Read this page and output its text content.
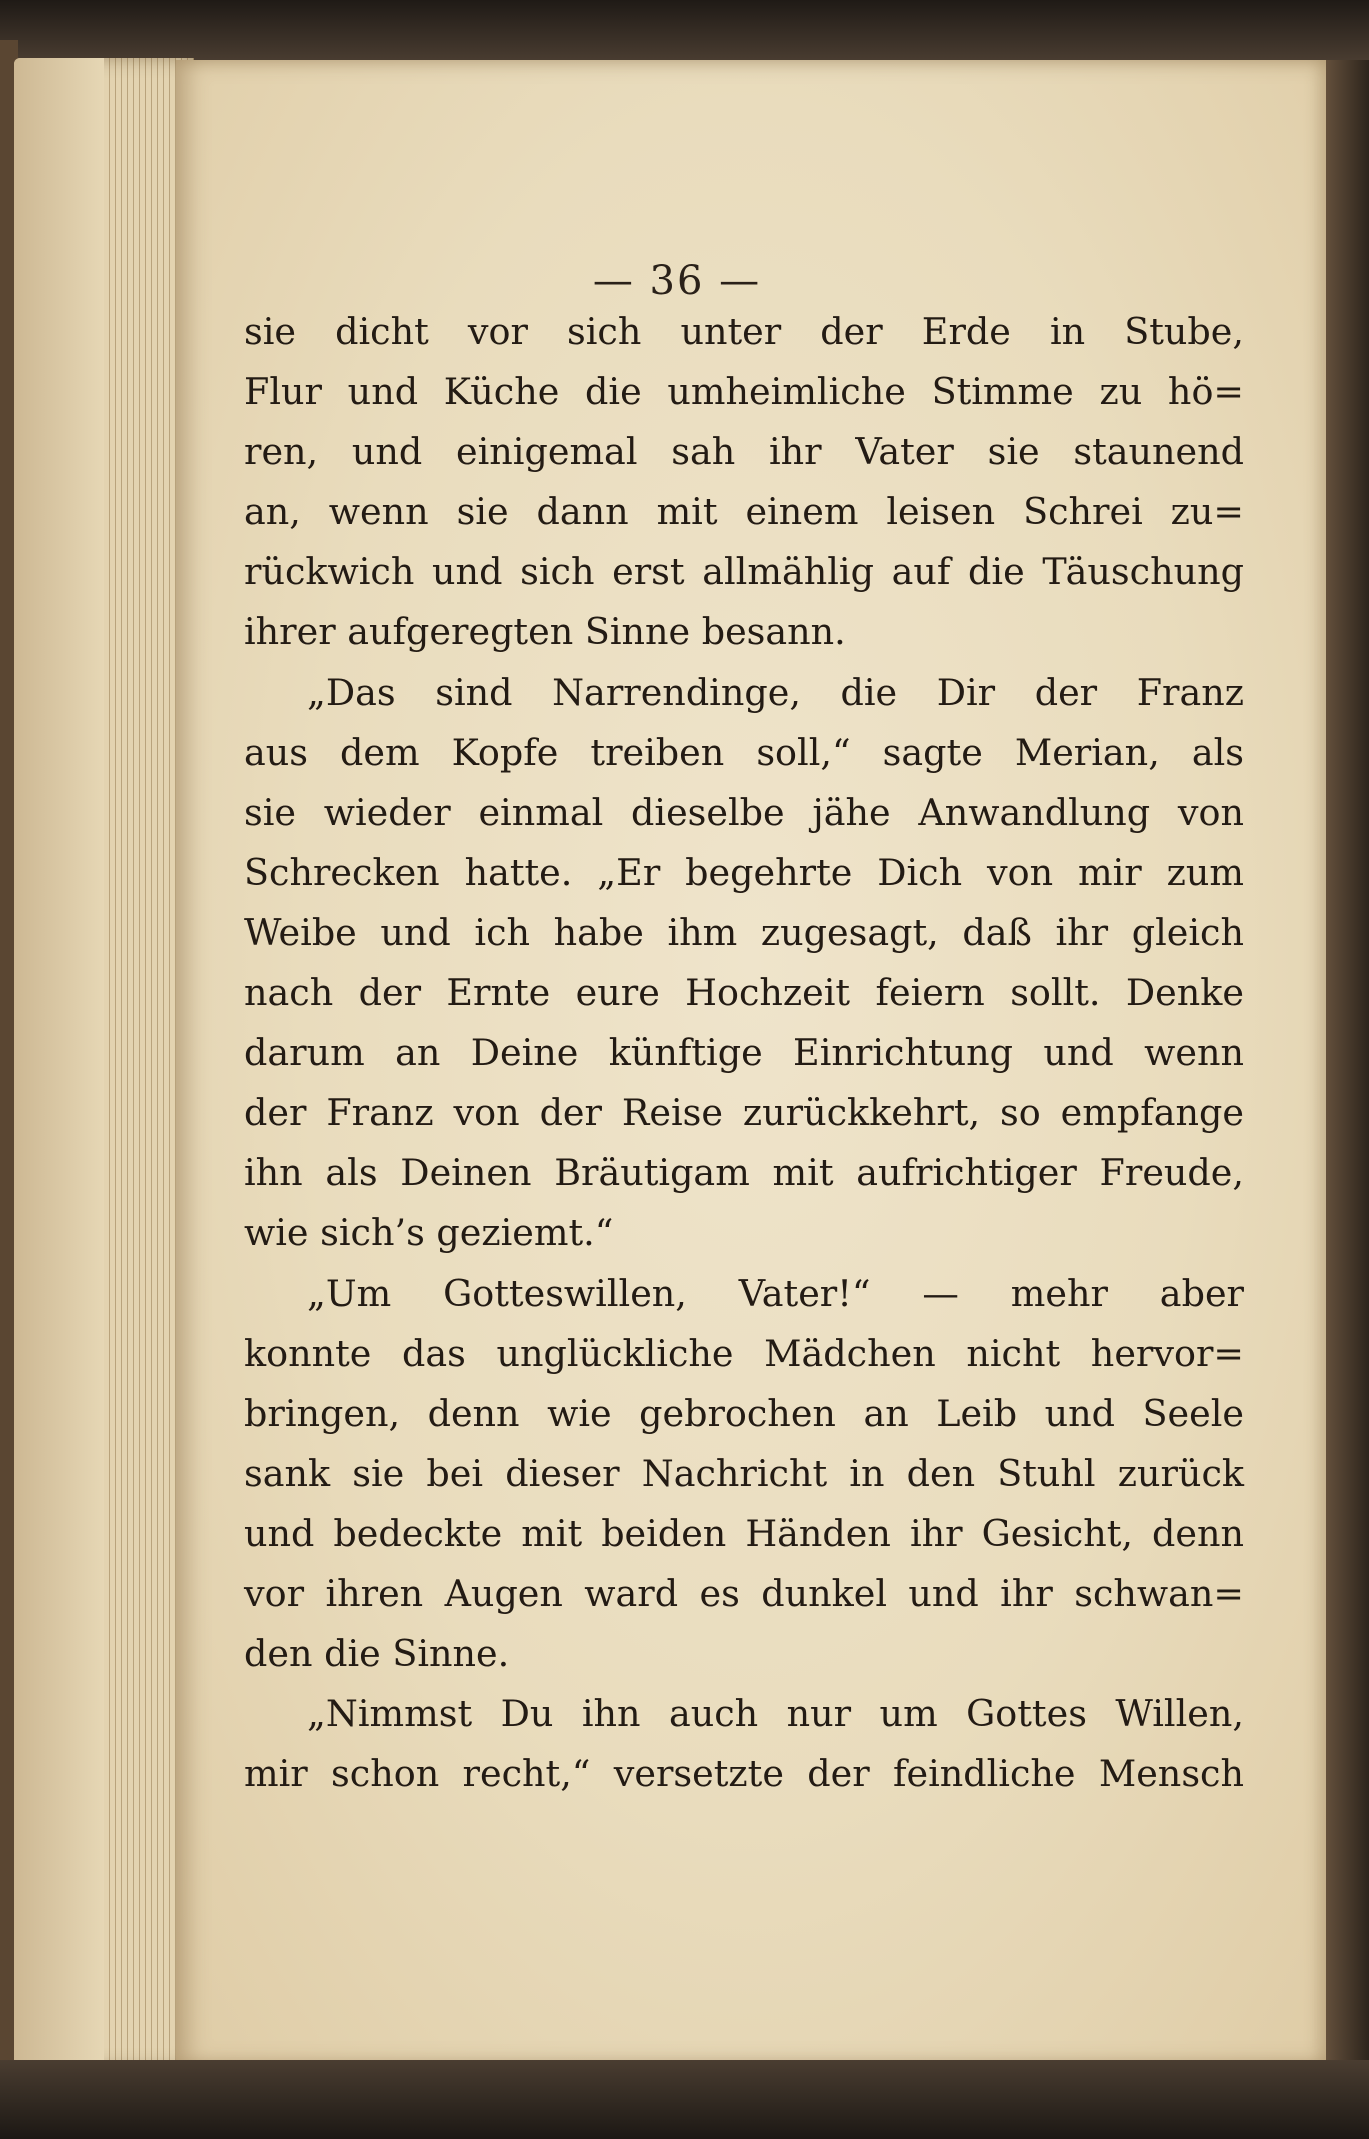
— 36 —
sie dicht vor sich unter der Erde in Stube,
Flur und Küche die umheimliche Stimme zu hö=
ren, und einigemal sah ihr Vater sie staunend
an, wenn sie dann mit einem leisen Schrei zu=
rückwich und sich erst allmählig auf die Täuschung
ihrer aufgeregten Sinne besann.
„Das sind Narrendinge, die Dir der Franz
aus dem Kopfe treiben soll,“ sagte Merian, als
sie wieder einmal dieselbe jähe Anwandlung von
Schrecken hatte. „Er begehrte Dich von mir zum
Weibe und ich habe ihm zugesagt, daß ihr gleich
nach der Ernte eure Hochzeit feiern sollt. Denke
darum an Deine künftige Einrichtung und wenn
der Franz von der Reise zurückkehrt, so empfange
ihn als Deinen Bräutigam mit aufrichtiger Freude,
wie sich’s geziemt.“
„Um Gotteswillen, Vater!“ — mehr aber
konnte das unglückliche Mädchen nicht hervor=
bringen, denn wie gebrochen an Leib und Seele
sank sie bei dieser Nachricht in den Stuhl zurück
und bedeckte mit beiden Händen ihr Gesicht, denn
vor ihren Augen ward es dunkel und ihr schwan=
den die Sinne.
„Nimmst Du ihn auch nur um Gottes Willen,
mir schon recht,“ versetzte der feindliche Mensch
